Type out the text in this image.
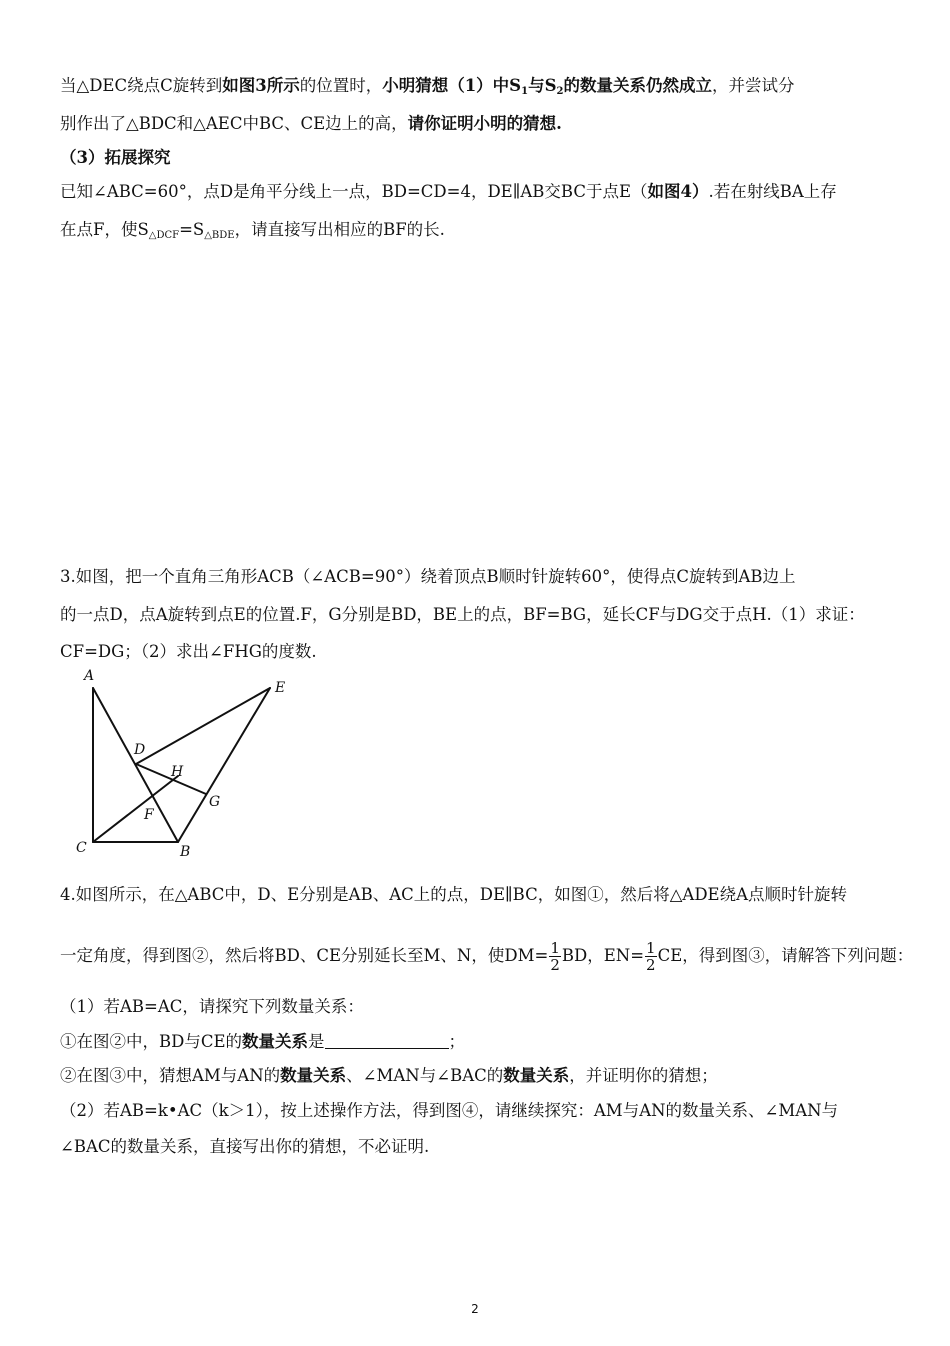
当△DEC绕点C旋转到如图3所示的位置时，小明猜想（1）中$S_1$与$S_2$的数量关系仍然成立，并尝试分
别作出了△BDC和△AEC中BC、CE边上的高，请你证明小明的猜想.
（3）拓展探究
已知∠ABC=60°，点D是角平分线上一点，BD=CD=4，DE∥AB交BC于点E（如图4）.若在射线BA上存
在点F，使$S_{\triangle DCF}=S_{\triangle BDE}$，请直接写出相应的BF的长.
3.如图，把一个直角三角形ACB（∠ACB=90°）绕着顶点B顺时针旋转60°，使得点C旋转到AB边上
的一点D，点A旋转到点E的位置.F，G分别是BD，BE上的点，BF=BG，延长CF与DG交于点H.（1）求证：
CF=DG；（2）求出∠FHG的度数.
A
E
D
H
G
F
C	B
4.如图所示，在△ABC中，D、E分别是AB、AC上的点，DE∥BC，如图①，然后将△ADE绕A点顺时针旋转
一定角度，得到图②，然后将BD、CE分别延长至M、N，使$DM= \frac{1}{2}$ BD，$EN= \frac{1}{2}$ CE，得到图③，请解答下列问题：
（1）若AB=AC，请探究下列数量关系：
①在图②中，BD与CE的数量关系是	；
②在图③中，猜想AM与AN的数量关系、∠MAN与∠BAC的数量关系，并证明你的猜想；
（2）若AB=k•AC（k＞1），按上述操作方法，得到图④，请继续探究：AM与AN的数量关系、∠MAN与
∠BAC的数量关系，直接写出你的猜想，不必证明.
2
